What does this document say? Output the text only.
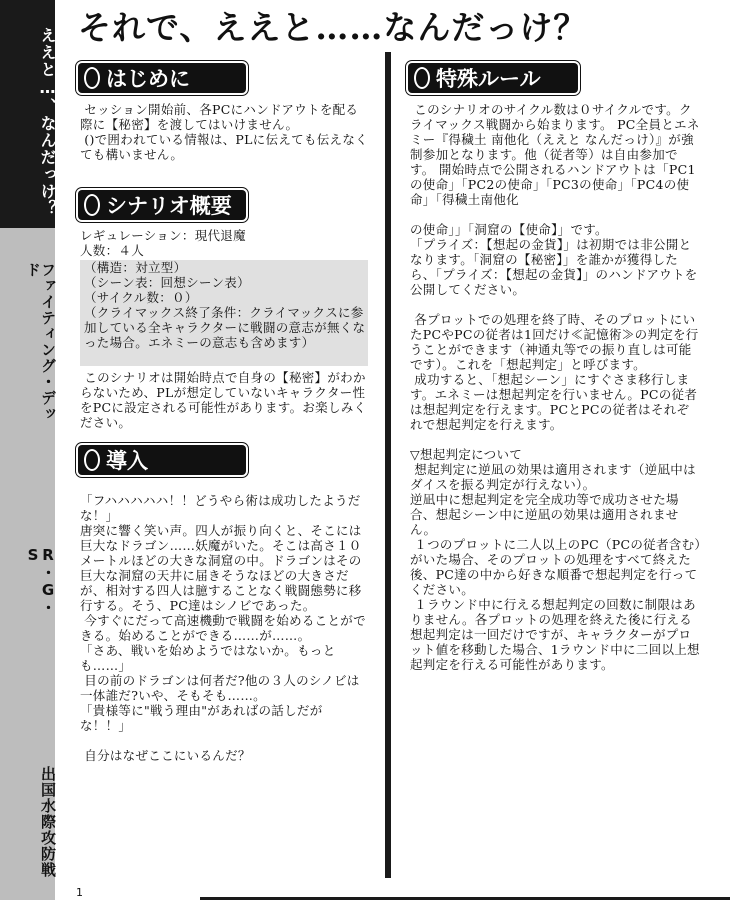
ええと…、なんだっけ？
ファイティング・デッド
R・G・S
出国水際攻防戦
それで、ええと……なんだっけ？
1
はじめに
セッション開始前、各PCにハンドアウトを配る際に【秘密】を渡してはいけません。
()で囲われている情報は、PLに伝えても伝えなくても構いません。
シナリオ概要
レギュレーション：現代退魔
人数：４人
（構造：対立型）
（シーン表：回想シーン表）
（サイクル数：０）
（クライマックス終了条件：クライマックスに参加している全キャラクターに戦闘の意志が無くなった場合。エネミーの意志も含めます）
このシナリオは開始時点で自身の【秘密】がわからないため、PLが想定していないキャラクター性をPCに設定される可能性があります。お楽しみください。
導入
「フハハハハハ！！どうやら術は成功したようだな！」
唐突に響く笑い声。四人が振り向くと、そこには巨大なドラゴン……妖魔がいた。そこは高さ１０メートルほどの大きな洞窟の中。ドラゴンはその巨大な洞窟の天井に届きそうなほどの大きさだが、相対する四人は臆することなく戦闘態勢に移行する。そう、PC達はシノビであった。
今すぐにだって高速機動で戦闘を始めることができる。始めることができる……が……。
「さあ、戦いを始めようではないか。もっとも……」
目の前のドラゴンは何者だ?他の３人のシノビは一体誰だ?いや、そもそも……。
「貴様等に"戦う理由"があればの話しだがな！！」

自分はなぜここにいるんだ？
特殊ルール
このシナリオのサイクル数は０サイクルです。クライマックス戦闘から始まります。 PC全員とエネミー『得穢土 南他化（ええと なんだっけ）』が強制参加となります。他（従者等）は自由参加です。 開始時点で公開されるハンドアウトは「PC1の使命」「PC2の使命」「PC3の使命」「PC4の使命」「得穢土南他化

の使命」」「洞窟の【使命】」です。
「プライズ：【想起の金貨】」は初期では非公開となります。「洞窟の【秘密】」を誰かが獲得したら、「プライズ：【想起の金貨】」のハンドアウトを公開してください。

各プロットでの処理を終了時、そのプロットにいたPCやPCの従者は1回だけ≪記憶術≫の判定を行うことができます（神通丸等での振り直しは可能です）。これを「想起判定」と呼びます。
成功すると、「想起シーン」にすぐさま移行します。エネミーは想起判定を行いません。PCの従者は想起判定を行えます。PCとPCの従者はそれぞれで想起判定を行えます。

▽想起判定について
想起判定に逆凪の効果は適用されます（逆凪中はダイスを振る判定が行えない）。
逆凪中に想起判定を完全成功等で成功させた場合、想起シーン中に逆凪の効果は適用されません。
１つのプロットに二人以上のPC（PCの従者含む）がいた場合、そのプロットの処理をすべて終えた後、PC達の中から好きな順番で想起判定を行ってください。
１ラウンド中に行える想起判定の回数に制限はありません。各プロットの処理を終えた後に行える想起判定は一回だけですが、キャラクターがプロット値を移動した場合、1ラウンド中に二回以上想起判定を行える可能性があります。
